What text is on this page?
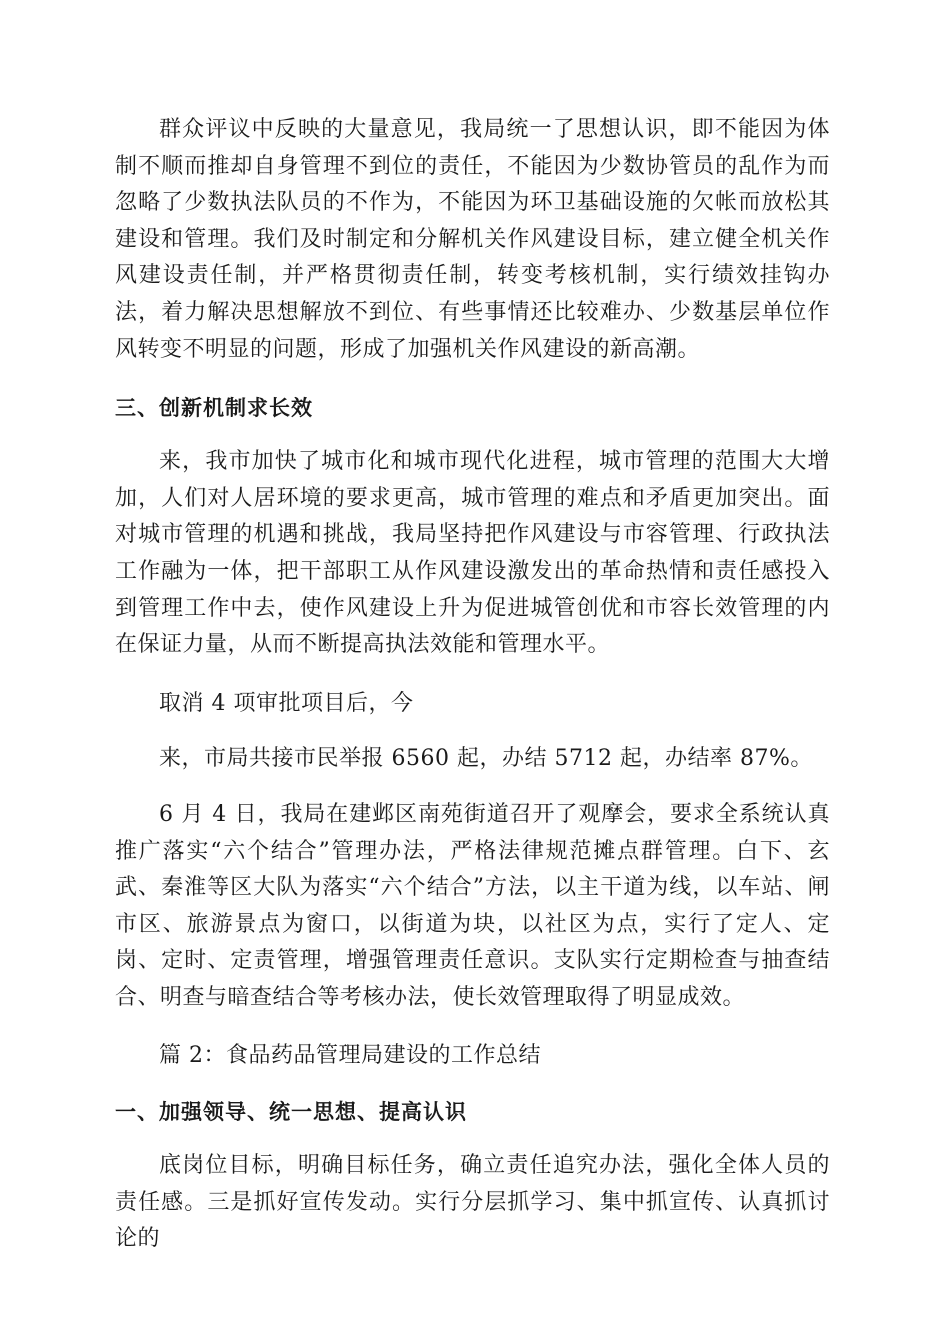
群众评议中反映的大量意见，我局统一了思想认识，即不能因为体制不顺而推却自身管理不到位的责任，不能因为少数协管员的乱作为而忽略了少数执法队员的不作为，不能因为环卫基础设施的欠帐而放松其建设和管理。我们及时制定和分解机关作风建设目标，建立健全机关作风建设责任制，并严格贯彻责任制，转变考核机制，实行绩效挂钩办法，着力解决思想解放不到位、有些事情还比较难办、少数基层单位作风转变不明显的问题，形成了加强机关作风建设的新高潮。

三、创新机制求长效

来，我市加快了城市化和城市现代化进程，城市管理的范围大大增加，人们对人居环境的要求更高，城市管理的难点和矛盾更加突出。面对城市管理的机遇和挑战，我局坚持把作风建设与市容管理、行政执法工作融为一体，把干部职工从作风建设激发出的革命热情和责任感投入到管理工作中去，使作风建设上升为促进城管创优和市容长效管理的内在保证力量，从而不断提高执法效能和管理水平。

取消 4 项审批项目后，今

来，市局共接市民举报 6560 起，办结 5712 起，办结率 87%。

6 月 4 日，我局在建邺区南苑街道召开了观摩会，要求全系统认真推广落实“六个结合”管理办法，严格法律规范摊点群管理。白下、玄武、秦淮等区大队为落实“六个结合”方法，以主干道为线，以车站、闸市区、旅游景点为窗口，以街道为块，以社区为点，实行了定人、定岗、定时、定责管理，增强管理责任意识。支队实行定期检查与抽查结合、明查与暗查结合等考核办法，使长效管理取得了明显成效。

篇 2：食品药品管理局建设的工作总结

一、加强领导、统一思想、提高认识

底岗位目标，明确目标任务，确立责任追究办法，强化全体人员的责任感。三是抓好宣传发动。实行分层抓学习、集中抓宣传、认真抓讨论的
